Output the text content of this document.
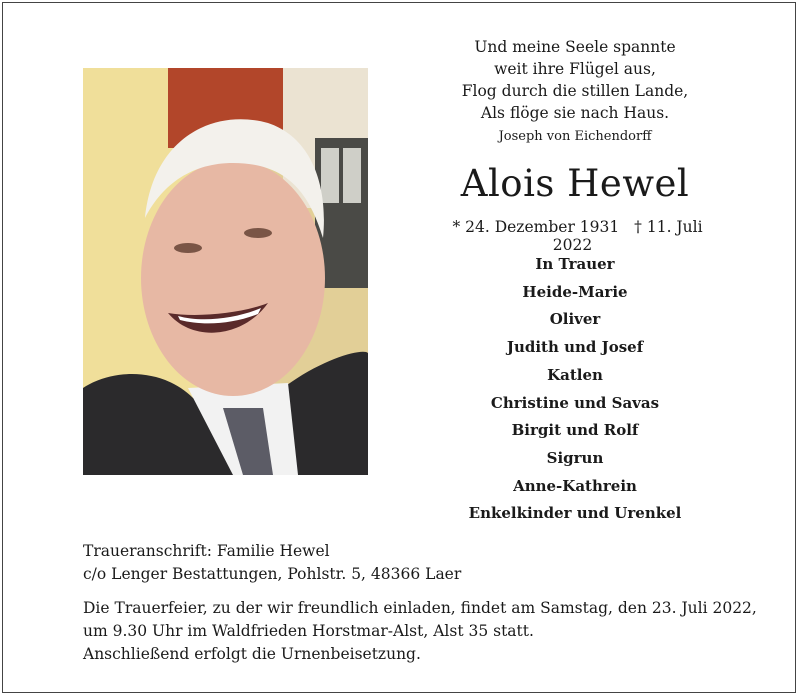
Und meine Seele spannte
weit ihre Flügel aus,
Flog durch die stillen Lande,
Als flöge sie nach Haus.
Joseph von Eichendorff
Alois Hewel
* 24. Dezember 1931 † 11. Juli 2022
In Trauer
Heide-Marie
Oliver
Judith und Josef
Katlen
Christine und Savas
Birgit und Rolf
Sigrun
Anne-Kathrein
Enkelkinder und Urenkel
Traueranschrift: Familie Hewel
c/o Lenger Bestattungen, Pohlstr. 5, 48366 Laer
Die Trauerfeier, zu der wir freundlich einladen, findet am Samstag, den 23. Juli 2022,
um 9.30 Uhr im Waldfrieden Horstmar-Alst, Alst 35 statt.
Anschließend erfolgt die Urnenbeisetzung.
